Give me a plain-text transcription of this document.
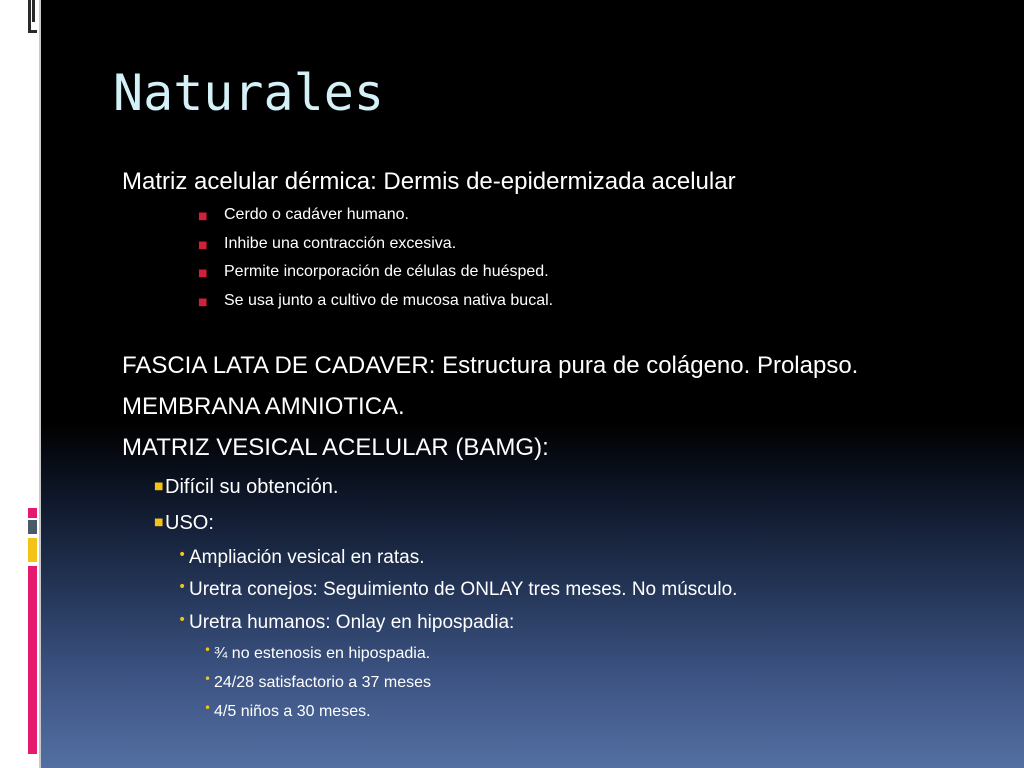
Naturales
Matriz acelular dérmica: Dermis de-epidermizada acelular
■ Cerdo o cadáver humano.
■ Inhibe una contracción excesiva.
■ Permite incorporación de células de huésped.
■ Se usa junto a cultivo de mucosa nativa bucal.
FASCIA LATA DE CADAVER: Estructura pura de colágeno. Prolapso.
MEMBRANA AMNIOTICA.
MATRIZ VESICAL ACELULAR (BAMG):
■ Difícil su obtención.
■ USO:
• Ampliación vesical en ratas.
• Uretra conejos: Seguimiento de ONLAY tres meses. No músculo.
• Uretra humanos: Onlay en hipospadia:
• ¾ no estenosis en hipospadia.
• 24/28 satisfactorio a 37 meses
• 4/5 niños a 30 meses.
